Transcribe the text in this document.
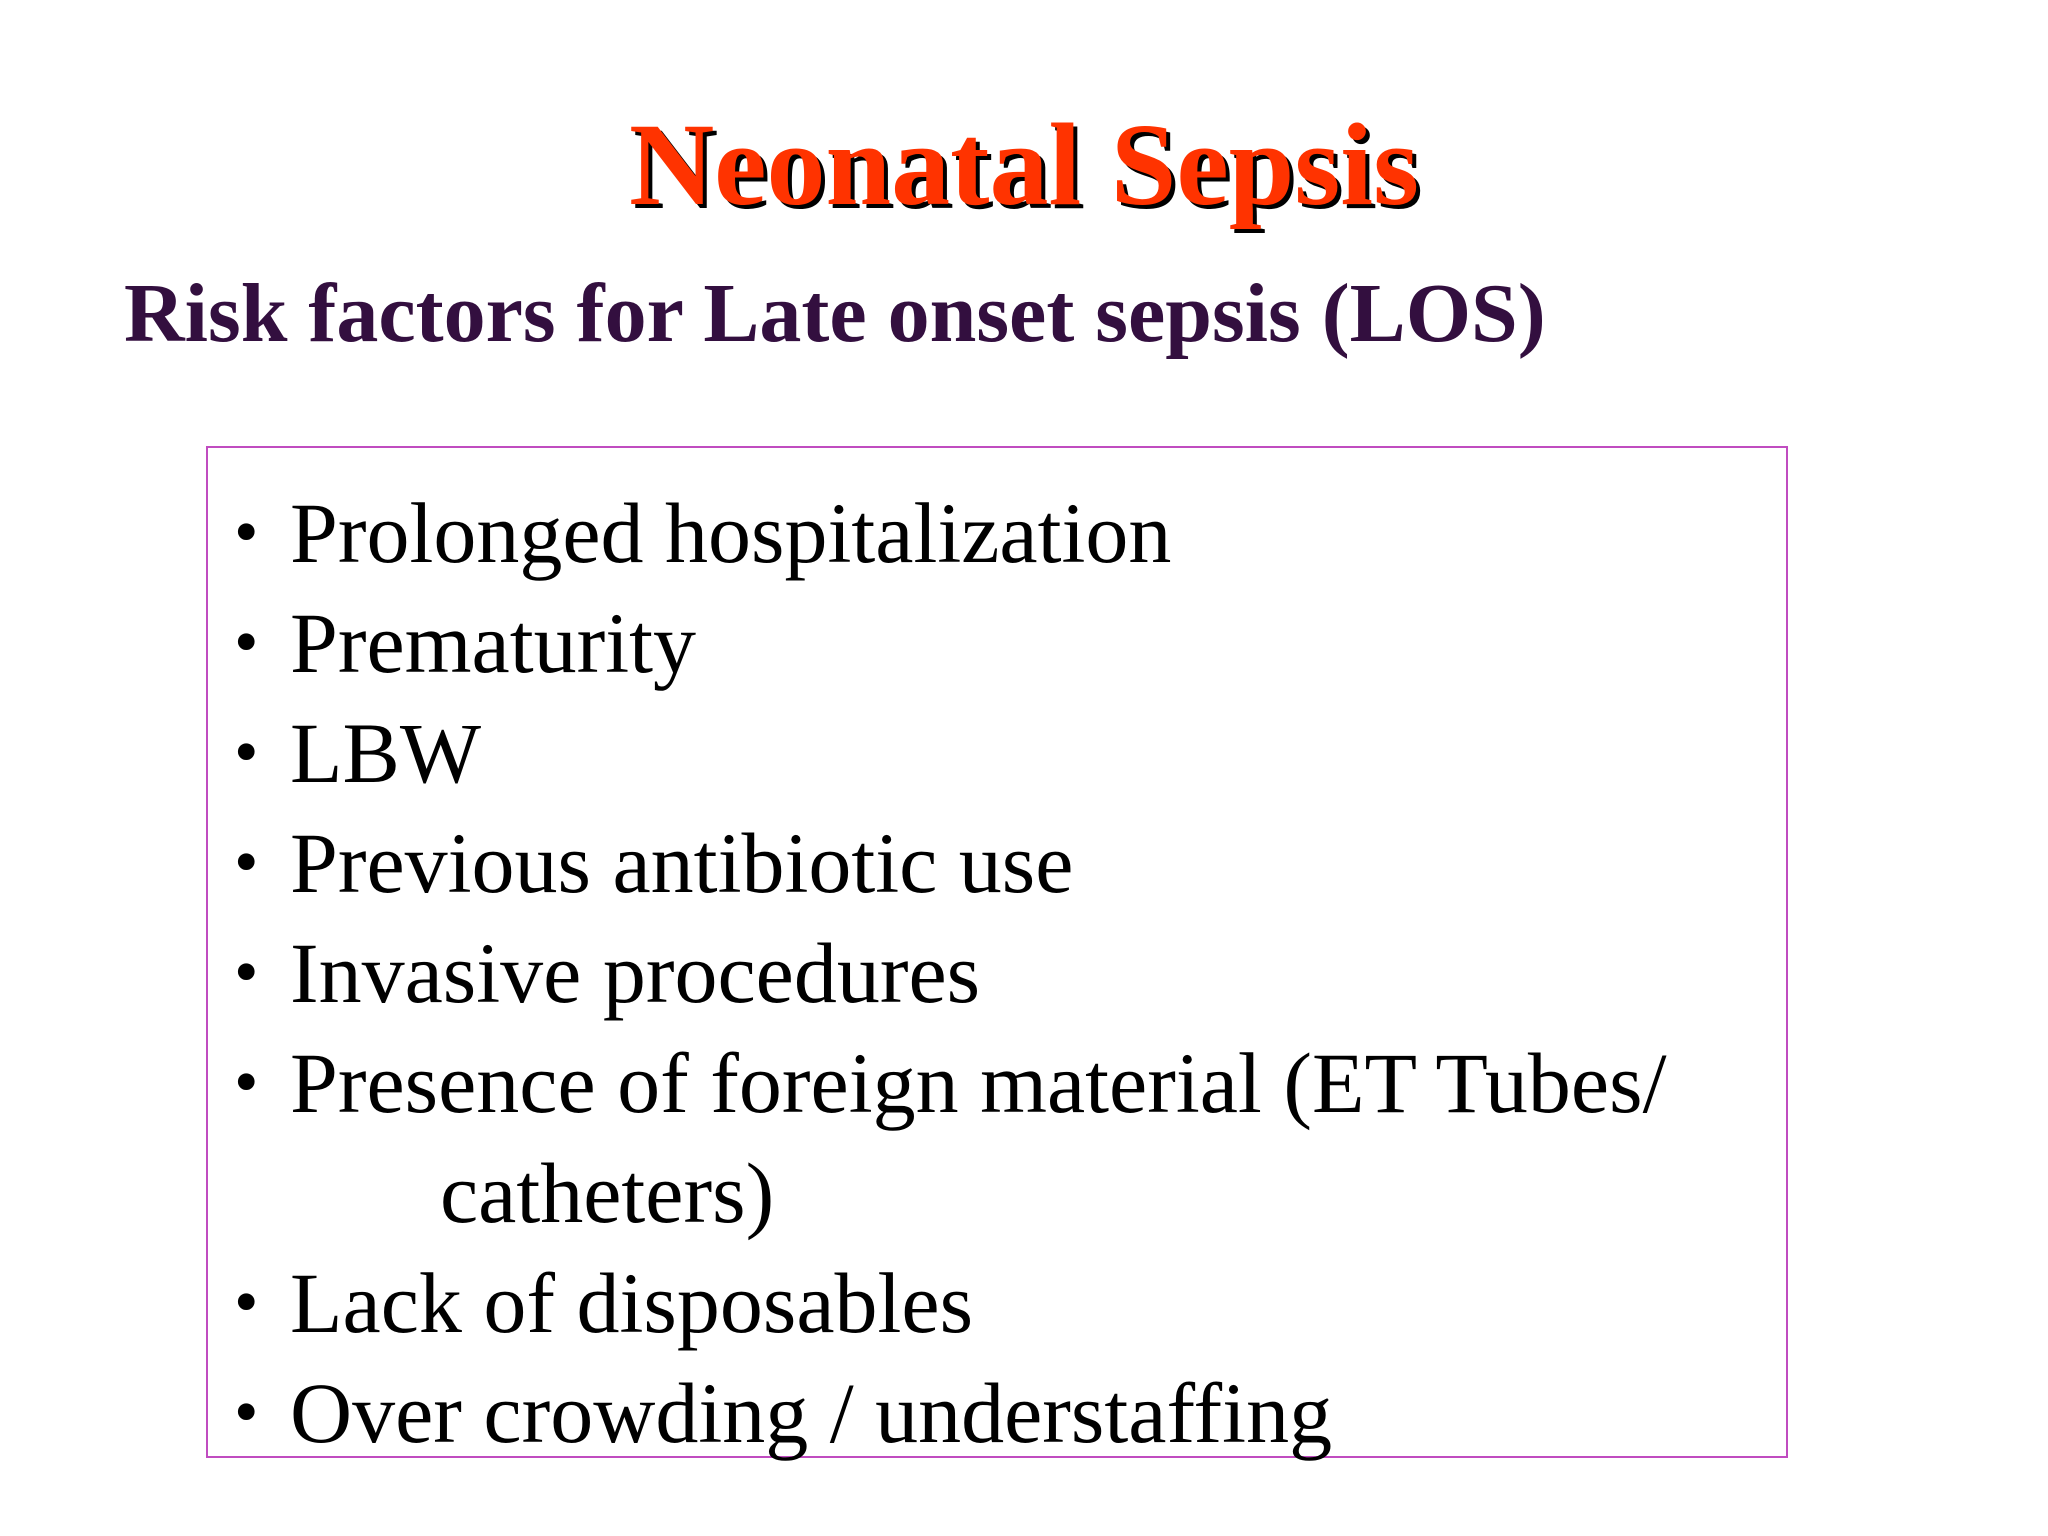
Neonatal Sepsis
Risk factors for Late onset sepsis (LOS)
• Prolonged hospitalization
• Prematurity
• LBW
• Previous antibiotic use
• Invasive procedures
• Presence of foreign material (ET Tubes/
catheters)
• Lack of disposables
• Over crowding / understaffing
